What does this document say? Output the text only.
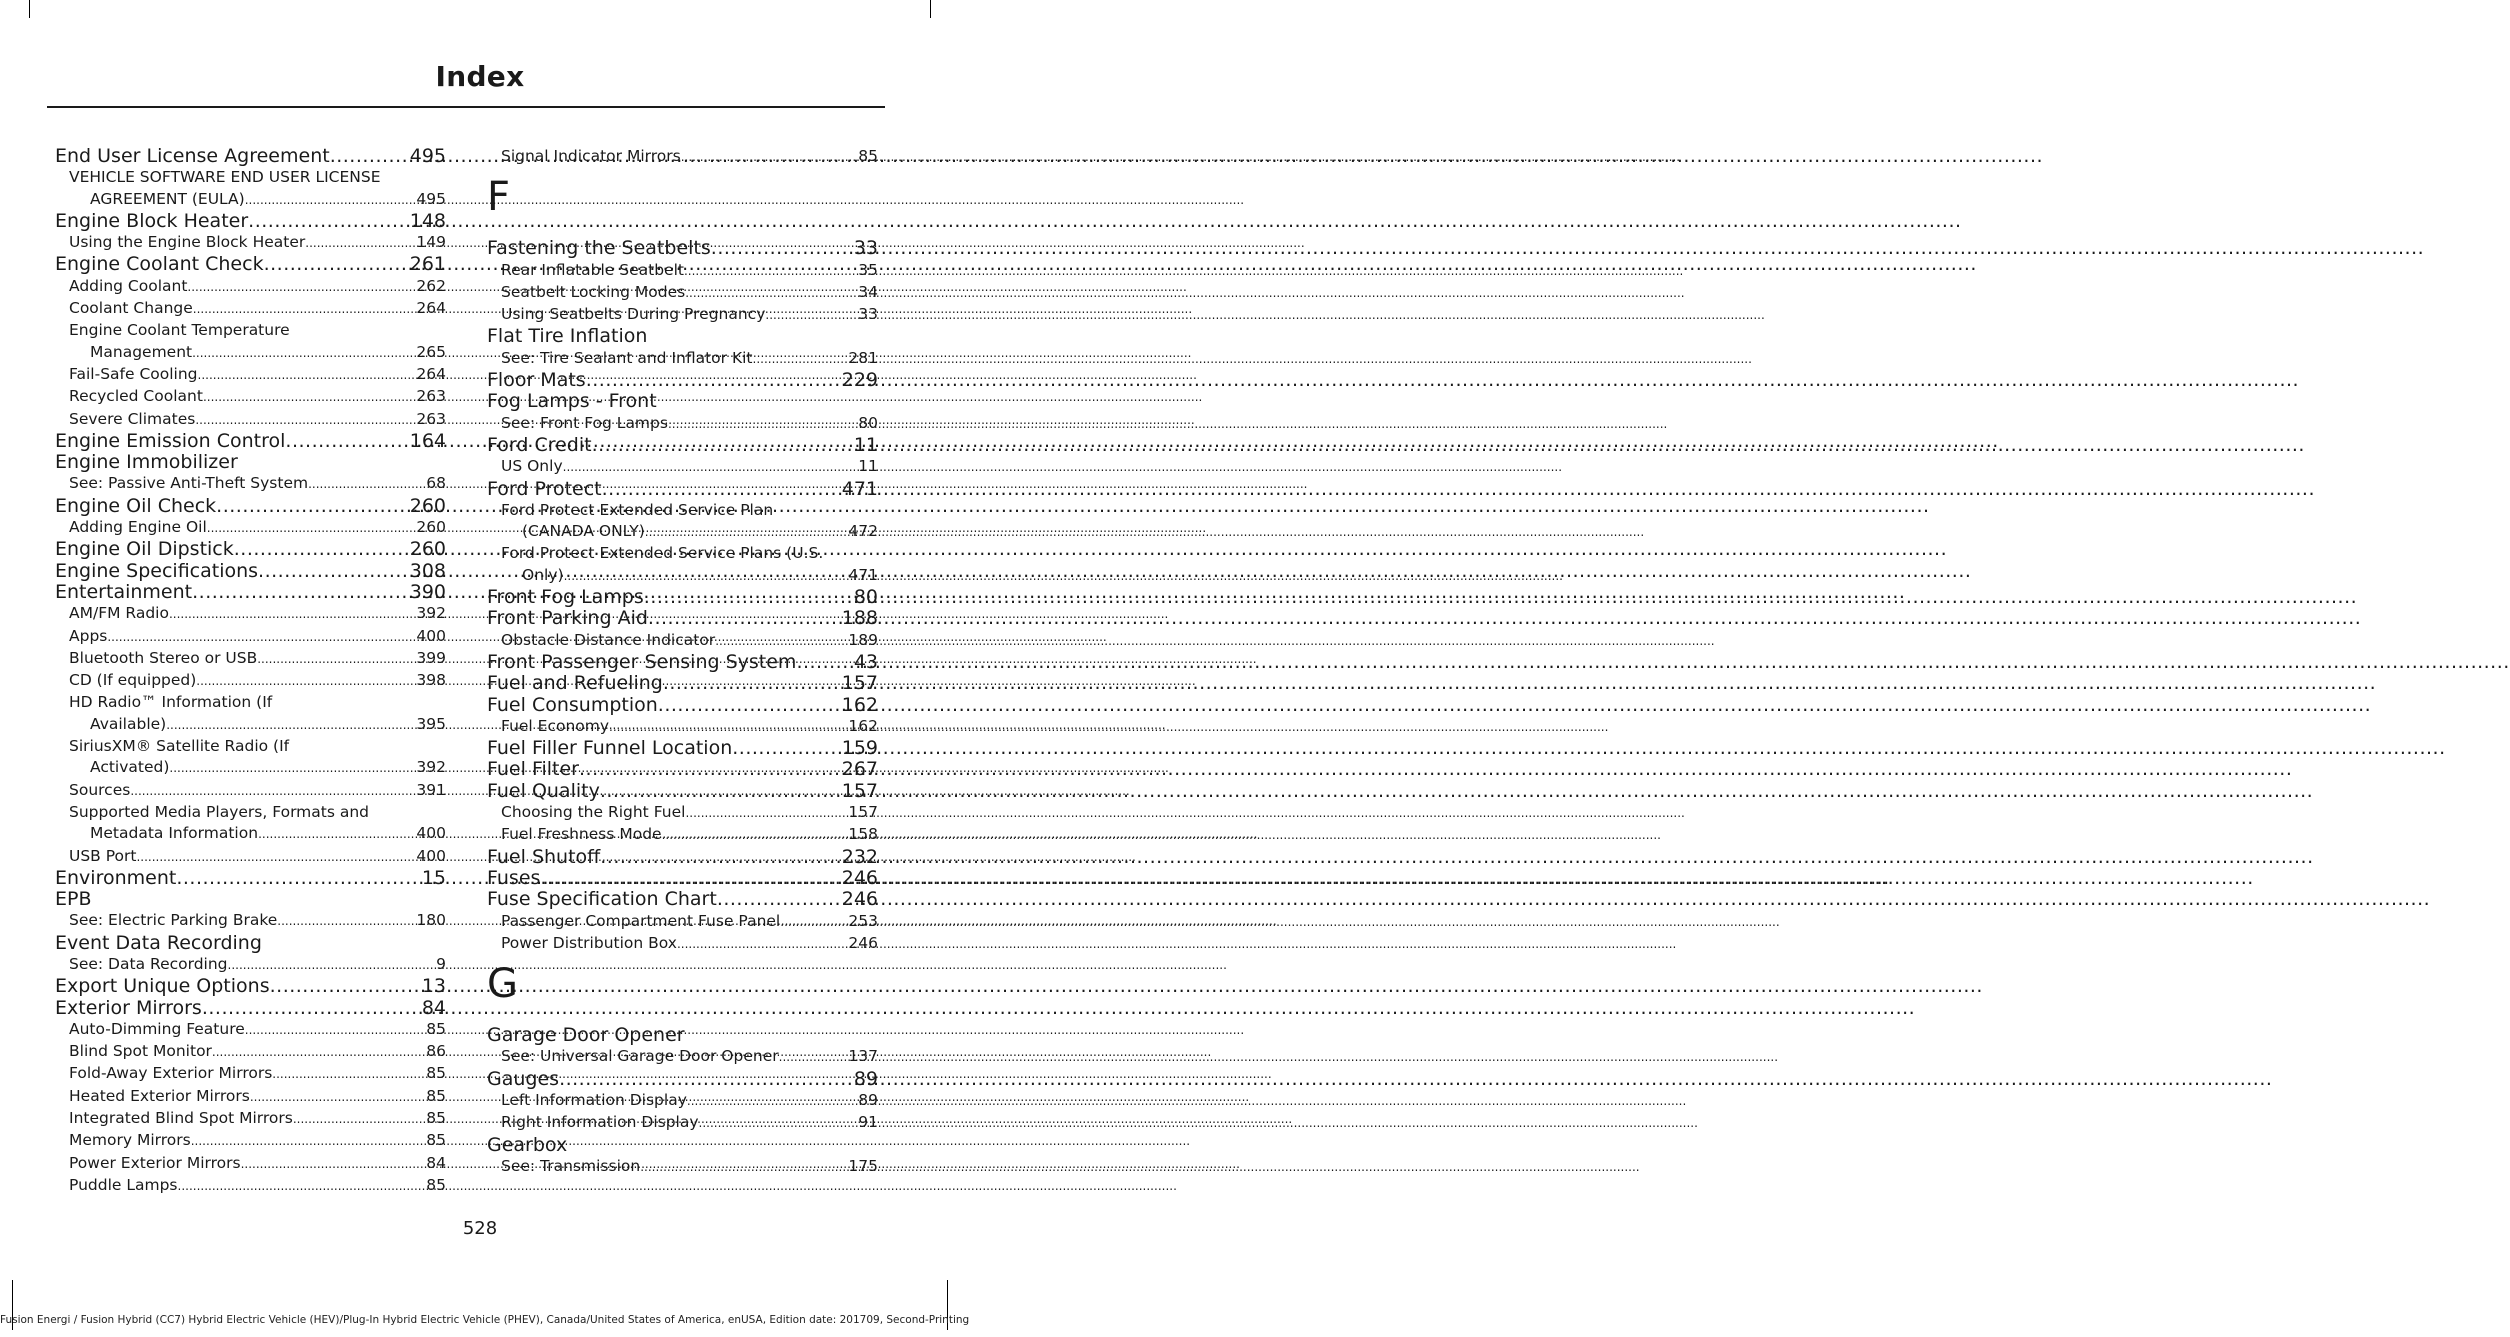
Index
End User License Agreement .....	495
VEHICLE SOFTWARE END USER LICENSE
AGREEMENT (EULA) .....	495
Engine Block Heater .....	148
Using the Engine Block Heater .....	149
Engine Coolant Check .....	261
Adding Coolant .....	262
Coolant Change .....	264
Engine Coolant Temperature
Management .....	265
Fail-Safe Cooling .....	264
Recycled Coolant .....	263
Severe Climates .....	263
Engine Emission Control .....	164
Engine Immobilizer
See: Passive Anti-Theft System .....	68
Engine Oil Check .....	260
Adding Engine Oil .....	260
Engine Oil Dipstick .....	260
Engine Specifications .....	308
Entertainment .....	390
AM/FM Radio .....	392
Apps .....	400
Bluetooth Stereo or USB .....	399
CD (If equipped) .....	398
HD Radio™ Information (If
Available) .....	395
SiriusXM® Satellite Radio (If
Activated) .....	392
Sources .....	391
Supported Media Players, Formats and
Metadata Information .....	400
USB Port .....	400
Environment .....	15
EPB
See: Electric Parking Brake .....	180
Event Data Recording
See: Data Recording .....	9
Export Unique Options .....	13
Exterior Mirrors .....	84
Auto-Dimming Feature .....	85
Blind Spot Monitor .....	86
Fold-Away Exterior Mirrors .....	85
Heated Exterior Mirrors .....	85
Integrated Blind Spot Mirrors .....	85
Memory Mirrors .....	85
Power Exterior Mirrors .....	84
Puddle Lamps .....	85
Signal Indicator Mirrors .....	85
F
Fastening the Seatbelts .....	33
Rear Inflatable Seatbelt .....	35
Seatbelt Locking Modes .....	34
Using Seatbelts During Pregnancy .....	33
Flat Tire Inflation
See: Tire Sealant and Inflator Kit .....	281
Floor Mats .....	229
Fog Lamps - Front
See: Front Fog Lamps .....	80
Ford Credit .....	11
US Only .....	11
Ford Protect .....	471
Ford Protect Extended Service Plan
(CANADA ONLY) .....	472
Ford Protect Extended Service Plans (U.S.
Only) .....	471
Front Fog Lamps .....	80
Front Parking Aid .....	188
Obstacle Distance Indicator .....	189
Front Passenger Sensing System .....	43
Fuel and Refueling .....	157
Fuel Consumption .....	162
Fuel Economy .....	162
Fuel Filler Funnel Location .....	159
Fuel Filter .....	267
Fuel Quality .....	157
Choosing the Right Fuel .....	157
Fuel Freshness Mode .....	158
Fuel Shutoff .....	232
Fuses .....	246
Fuse Specification Chart .....	246
Passenger Compartment Fuse Panel .....	253
Power Distribution Box .....	246
G
Garage Door Opener
See: Universal Garage Door Opener .....	137
Gauges .....	89
Left Information Display .....	89
Right Information Display .....	91
Gearbox
See: Transmission .....	175
528
Fusion Energi / Fusion Hybrid (CC7) Hybrid Electric Vehicle (HEV)/Plug-In Hybrid Electric Vehicle (PHEV), Canada/United States of America, enUSA, Edition date: 201709, Second-Printing
